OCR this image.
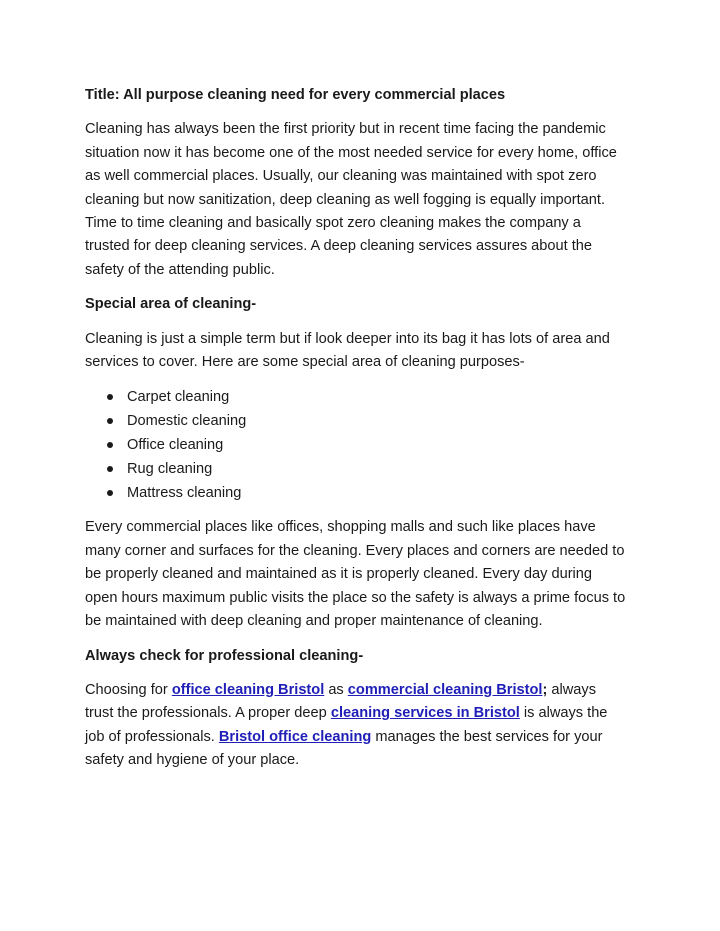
Title: All purpose cleaning need for every commercial places

Cleaning has always been the first priority but in recent time facing the pandemic situation now it has become one of the most needed service for every home, office as well commercial places. Usually, our cleaning was maintained with spot zero cleaning but now sanitization, deep cleaning as well fogging is equally important. Time to time cleaning and basically spot zero cleaning makes the company a trusted for deep cleaning services. A deep cleaning services assures about the safety of the attending public.

Special area of cleaning-

Cleaning is just a simple term but if look deeper into its bag it has lots of area and services to cover. Here are some special area of cleaning purposes-

Carpet cleaning
Domestic cleaning
Office cleaning
Rug cleaning
Mattress cleaning

Every commercial places like offices, shopping malls and such like places have many corner and surfaces for the cleaning. Every places and corners are needed to be properly cleaned and maintained as it is properly cleaned. Every day during open hours maximum public visits the place so the safety is always a prime focus to be maintained with deep cleaning and proper maintenance of cleaning.

Always check for professional cleaning-

Choosing for office cleaning Bristol as commercial cleaning Bristol; always trust the professionals. A proper deep cleaning services in Bristol is always the job of professionals. Bristol office cleaning manages the best services for your safety and hygiene of your place.
